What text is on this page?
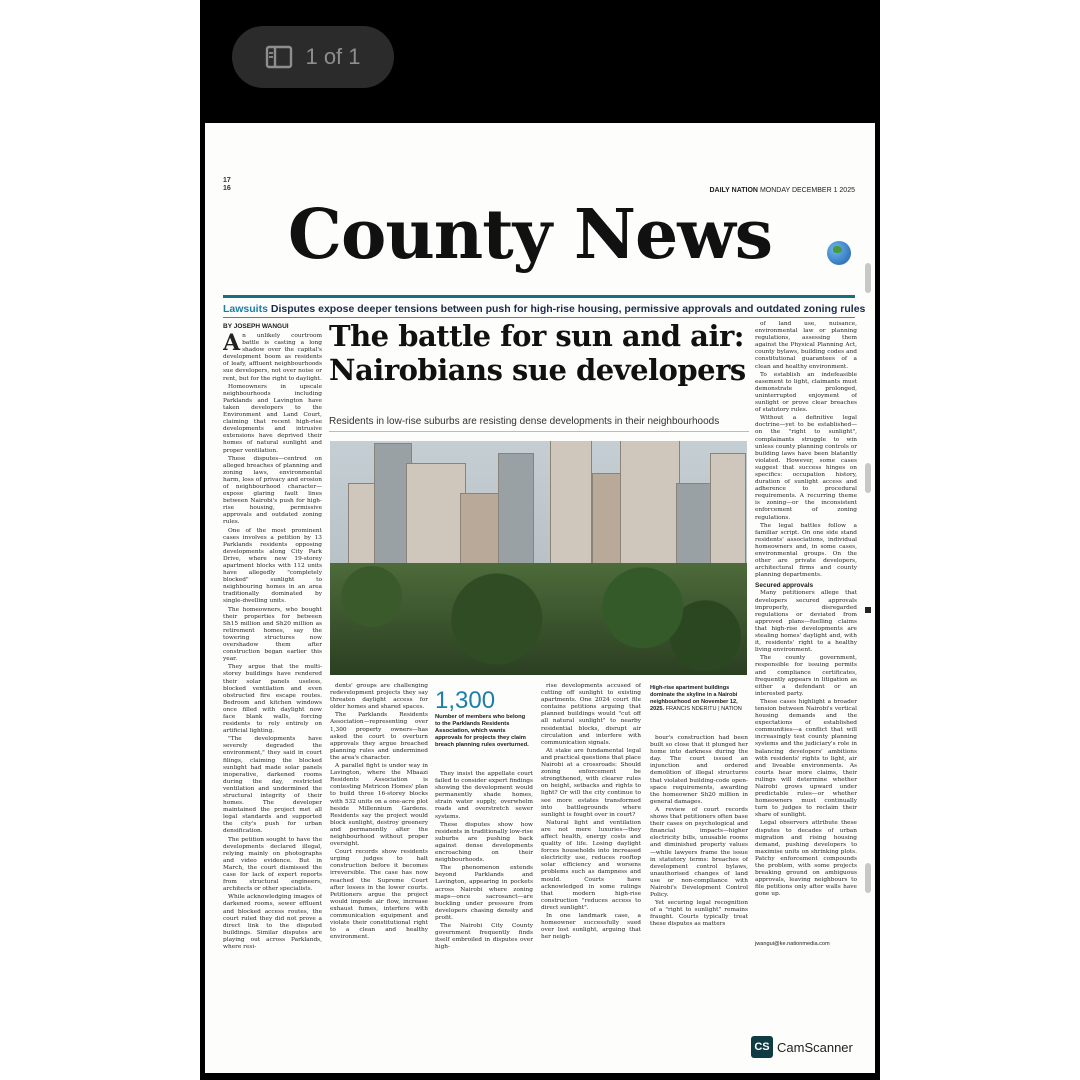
1 of 1
17
16	DAILY NATION MONDAY DECEMBER 1 2025
County News
Lawsuits Disputes expose deeper tensions between push for high-rise housing, permissive approvals and outdated zoning rules
BY JOSEPH WANGUI The battle for sun and air:
Nairobians sue developers
Residents in low-rise suburbs are resisting dense developments in their neighbourhoods

An unlikely courtroom battle is casting a long shadow over the capital's development boom as residents of leafy, affluent neighbourhoods sue developers, not over noise or rent, but for the right to daylight.

Homeowners in upscale neighbourhoods including Parklands and Lavington have taken developers to the Environment and Land Court, claiming that recent high-rise developments and intrusive extensions have deprived their homes of natural sunlight and proper ventilation.

These disputes—centred on alleged breaches of planning and zoning laws, environmental harm, loss of privacy and erosion of neighbourhood character—expose glaring fault lines between Nairobi's push for high-rise housing, permissive approvals and outdated zoning rules.

One of the most prominent cases involves a petition by 13 Parklands residents opposing developments along City Park Drive, where new 19-storey apartment blocks with 112 units have allegedly "completely blocked" sunlight to neighbouring homes in an area traditionally dominated by single-dwelling units.

The homeowners, who bought their properties for between Sh15 million and Sh20 million as retirement homes, say the towering structures now overshadow them after construction began earlier this year.

They argue that the multi-storey buildings have rendered their solar panels useless, blocked ventilation and even obstructed fire escape routes. Bedroom and kitchen windows once filled with daylight now face blank walls, forcing residents to rely entirely on artificial lighting.

"The developments have severely degraded the environment," they said in court filings, claiming the blocked sunlight had made solar panels inoperative, darkened rooms during the day, restricted ventilation and undermined the structural integrity of their homes. The developer maintained the project met all legal standards and supported the city's push for urban densification.

The petition sought to have the developments declared illegal, relying mainly on photographs and video evidence. But in March, the court dismissed the case for lack of expert reports from structural engineers, architects or other specialists.

While acknowledging images of darkened rooms, sewer effluent and blocked access routes, the court ruled they did not prove a direct link to the disputed buildings. Similar disputes are playing out across Parklands, where resi-

1,300
Number of members who belong to the Parklands Residents Association, which wants approvals for projects they claim breach planning rules overturned.
High-rise apartment buildings dominate the skyline in a Nairobi neighbourhood on November 12, 2025. FRANCIS NDERITU | NATION

dents' groups are challenging redevelopment projects they say threaten daylight access for older homes and shared spaces.

The Parklands Residents Association—representing over 1,300 property owners—has asked the court to overturn approvals they argue breached planning rules and undermined the area's character.

A parallel fight is under way in Lavington, where the Mbaazi Residents Association is contesting Metricon Homes' plan to build three 16-storey blocks with 532 units on a one-acre plot beside Millennium Gardens. Residents say the project would block sunlight, destroy greenery and permanently alter the neighbourhood without proper oversight.

Court records show residents urging judges to halt construction before it becomes irreversible. The case has now reached the Supreme Court after losses in the lower courts. Petitioners argue the project would impede air flow, increase exhaust fumes, interfere with communication equipment and violate their constitutional right to a clean and healthy environment.

They insist the appellate court failed to consider expert findings showing the development would permanently shade homes, strain water supply, overwhelm roads and overstretch sewer systems.

These disputes show how residents in traditionally low-rise suburbs are pushing back against dense developments encroaching on their neighbourhoods.

The phenomenon extends beyond Parklands and Lavington, appearing in pockets across Nairobi where zoning maps—once sacrosanct—are buckling under pressure from developers chasing density and profit.

The Nairobi City County government frequently finds itself embroiled in disputes over high-

rise developments accused of cutting off sunlight to existing apartments. One 2024 court file contains petitions arguing that planned buildings would "cut off all natural sunlight" to nearby residential blocks, disrupt air circulation and interfere with communication signals.

At stake are fundamental legal and practical questions that place Nairobi at a crossroads: Should zoning enforcement be strengthened, with clearer rules on height, setbacks and rights to light? Or will the city continue to see more estates transformed into battlegrounds where sunlight is fought over in court?

Natural light and ventilation are not mere luxuries—they affect health, energy costs and quality of life. Losing daylight forces households into increased electricity use, reduces rooftop solar efficiency and worsens problems such as dampness and mould. Courts have acknowledged in some rulings that modern high-rise construction "reduces access to direct sunlight".

In one landmark case, a homeowner successfully sued over lost sunlight, arguing that her neigh-

bour's construction had been built so close that it plunged her home into darkness during the day. The court issued an injunction and ordered demolition of illegal structures that violated building-code open-space requirements, awarding the homeowner Sh20 million in general damages.

A review of court records shows that petitioners often base their cases on psychological and financial impacts—higher electricity bills, unusable rooms and diminished property values—while lawyers frame the issue in statutory terms: breaches of development control bylaws, unauthorised changes of land use or non-compliance with Nairobi's Development Control Policy.

Yet securing legal recognition of a "right to sunlight" remains fraught. Courts typically treat these disputes as matters

of land use, nuisance, environmental law or planning regulations, assessing them against the Physical Planning Act, county bylaws, building codes and constitutional guarantees of a clean and healthy environment.

To establish an indefeasible easement to light, claimants must demonstrate prolonged, uninterrupted enjoyment of sunlight or prove clear breaches of statutory rules.

Without a definitive legal doctrine—yet to be established—on the "right to sunlight", complainants struggle to win unless county planning controls or building laws have been blatantly violated. However, some cases suggest that success hinges on specifics: occupation history, duration of sunlight access and adherence to procedural requirements. A recurring theme is zoning—or the inconsistent enforcement of zoning regulations.

The legal battles follow a familiar script. On one side stand residents' associations, individual homeowners and, in some cases, environmental groups. On the other are private developers, architectural firms and county planning departments.

Secured approvals

Many petitioners allege that developers secured approvals improperly, disregarded regulations or deviated from approved plans—fuelling claims that high-rise developments are stealing homes' daylight and, with it, residents' right to a healthy living environment.

The county government, responsible for issuing permits and compliance certificates, frequently appears in litigation as either a defendant or an interested party.

These cases highlight a broader tension between Nairobi's vertical housing demands and the expectations of established communities—a conflict that will increasingly test county planning systems and the judiciary's role in balancing developers' ambitions with residents' rights to light, air and liveable environments. As courts hear more claims, their rulings will determine whether Nairobi grows upward under predictable rules—or whether homeowners must continually turn to judges to reclaim their share of sunlight.

Legal observers attribute these disputes to decades of urban migration and rising housing demand, pushing developers to maximise units on shrinking plots. Patchy enforcement compounds the problem, with some projects breaking ground on ambiguous approvals, leaving neighbours to file petitions only after walls have gone up.

jwangui@ke.nationmedia.com
CS CamScanner
